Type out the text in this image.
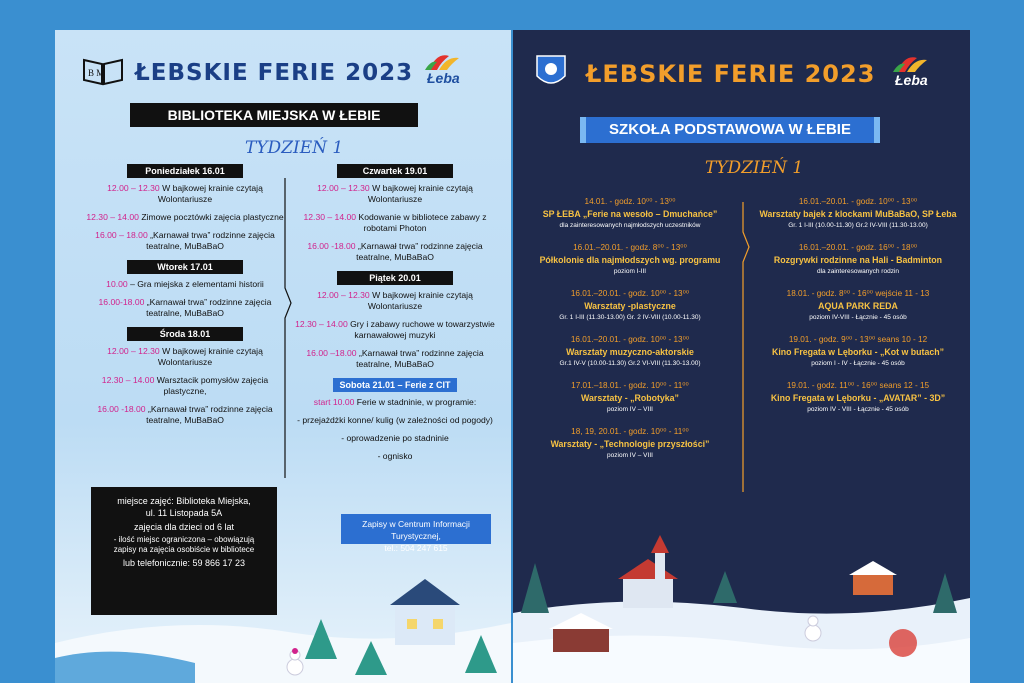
B M ŁEBSKIE FERIE 2023 Łeba
BIBLIOTEKA MIEJSKA W ŁEBIE
TYDZIEŃ 1
Poniedziałek 16.01
12.00 – 12.30 W bajkowej krainie czytają Wolontariusze
12.30 – 14.00 Zimowe pocztówki zajęcia plastyczne
16.00 – 18.00 „Karnawał trwa” rodzinne zajęcia teatralne, MuBaBaO
Wtorek 17.01
10.00 – Gra miejska z elementami historii
16.00-18.00 „Karnawał trwa” rodzinne zajęcia teatralne, MuBaBaO
Środa 18.01
12.00 – 12.30 W bajkowej krainie czytają Wolontariusze
12.30 – 14.00 Warsztacik pomysłów zajęcia plastyczne,
16.00 -18.00 „Karnawał trwa” rodzinne zajęcia teatralne, MuBaBaO
Czwartek 19.01
12.00 – 12.30 W bajkowej krainie czytają Wolontariusze
12.30 – 14.00 Kodowanie w bibliotece zabawy z robotami Photon
16.00 -18.00 „Karnawał trwa” rodzinne zajęcia teatralne, MuBaBaO
Piątek 20.01
12.00 – 12.30 W bajkowej krainie czytają Wolontariusze
12.30 – 14.00 Gry i zabawy ruchowe w towarzystwie karnawałowej muzyki
16.00 –18.00 „Karnawał trwa” rodzinne zajęcia teatralne, MuBaBaO
Sobota 21.01 – Ferie z CIT
start 10.00 Ferie w stadninie, w programie:
- przejażdżki konne/ kulig (w zależności od pogody)
- oprowadzenie po stadninie
- ognisko
miejsce zajęć: Biblioteka Miejska,
ul. 11 Listopada 5A
zajęcia dla dzieci od 6 lat
- ilość miejsc ograniczona – obowiązują zapisy na zajęcia osobiście w bibliotece
lub telefonicznie: 59 866 17 23
Zapisy w Centrum Informacji Turystycznej,
tel.: 504 247 615
ŁEBSKIE FERIE 2023 Łeba
SZKOŁA PODSTAWOWA W ŁEBIE
TYDZIEŃ 1
14.01. - godz. 10⁰⁰ - 13⁰⁰
SP ŁEBA „Ferie na wesoło – Dmuchańce”
dla zainteresowanych najmłodszych uczestników
16.01.–20.01. - godz. 8⁰⁰ - 13⁰⁰
Półkolonie dla najmłodszych wg. programu
poziom I-III
16.01.–20.01. - godz. 10⁰⁰ - 13⁰⁰
Warsztaty -plastyczne
Gr. 1 I-III (11.30-13.00) Gr. 2 IV-VIII (10.00-11.30)
16.01.–20.01. - godz. 10⁰⁰ - 13⁰⁰
Warsztaty muzyczno-aktorskie
Gr.1 IV-V (10.00-11.30) Gr.2 VI-VIII (11.30-13.00)
17.01.–18.01. - godz. 10⁰⁰ - 11⁰⁰
Warsztaty - „Robotyka”
poziom IV – VIII
18, 19, 20.01. - godz. 10⁰⁰ - 11⁰⁰
Warsztaty - „Technologie przyszłości”
poziom IV – VIII
16.01.–20.01. - godz. 10⁰⁰ - 13⁰⁰
Warsztaty bajek z klockami MuBaBaO, SP Łeba
Gr. 1 I-III (10.00-11.30) Gr.2 IV-VIII (11.30-13.00)
16.01.–20.01. - godz. 16⁰⁰ - 18⁰⁰
Rozgrywki rodzinne na Hali - Badminton
dla zainteresowanych rodzin
18.01. - godz. 8⁰⁰ - 16⁰⁰ wejście 11 - 13
AQUA PARK REDA
poziom IV-VIII - Łącznie - 45 osób
19.01. - godz. 9⁰⁰ - 13⁰⁰ seans 10 - 12
Kino Fregata w Lęborku - „Kot w butach”
poziom I - IV - Łącznie - 45 osób
19.01. - godz. 11⁰⁰ - 16⁰⁰ seans 12 - 15
Kino Fregata w Lęborku - „AVATAR” - 3D”
poziom IV - VIII - Łącznie - 45 osób
